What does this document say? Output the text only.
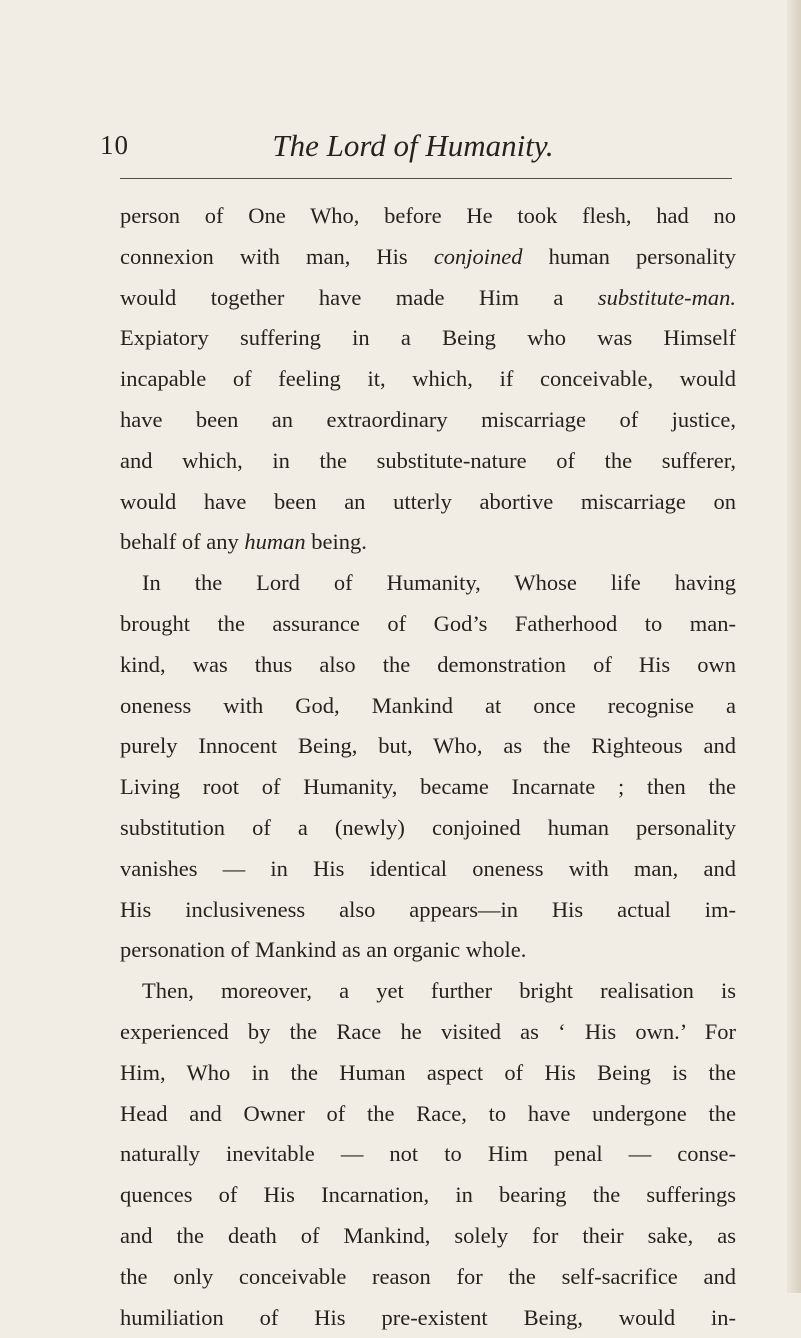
10	The Lord of Humanity.
person of One Who, before He took flesh, had no
connexion with man, His conjoined human personality
would together have made Him a substitute-man.
Expiatory suffering in a Being who was Himself
incapable of feeling it, which, if conceivable, would
have been an extraordinary miscarriage of justice,
and which, in the substitute-nature of the sufferer,
would have been an utterly abortive miscarriage on
behalf of any human being.
In the Lord of Humanity, Whose life having
brought the assurance of God’s Fatherhood to man-
kind, was thus also the demonstration of His own
oneness with God, Mankind at once recognise a
purely Innocent Being, but, Who, as the Righteous and
Living root of Humanity, became Incarnate ; then the
substitution of a (newly) conjoined human personality
vanishes — in His identical oneness with man, and
His inclusiveness also appears—in His actual im-
personation of Mankind as an organic whole.
Then, moreover, a yet further bright realisation is
experienced by the Race he visited as ‘ His own.’ For
Him, Who in the Human aspect of His Being is the
Head and Owner of the Race, to have undergone the
naturally inevitable — not to Him penal — conse-
quences of His Incarnation, in bearing the sufferings
and the death of Mankind, solely for their sake, as
the only conceivable reason for the self-sacrifice and
humiliation of His pre-existent Being, would in-
